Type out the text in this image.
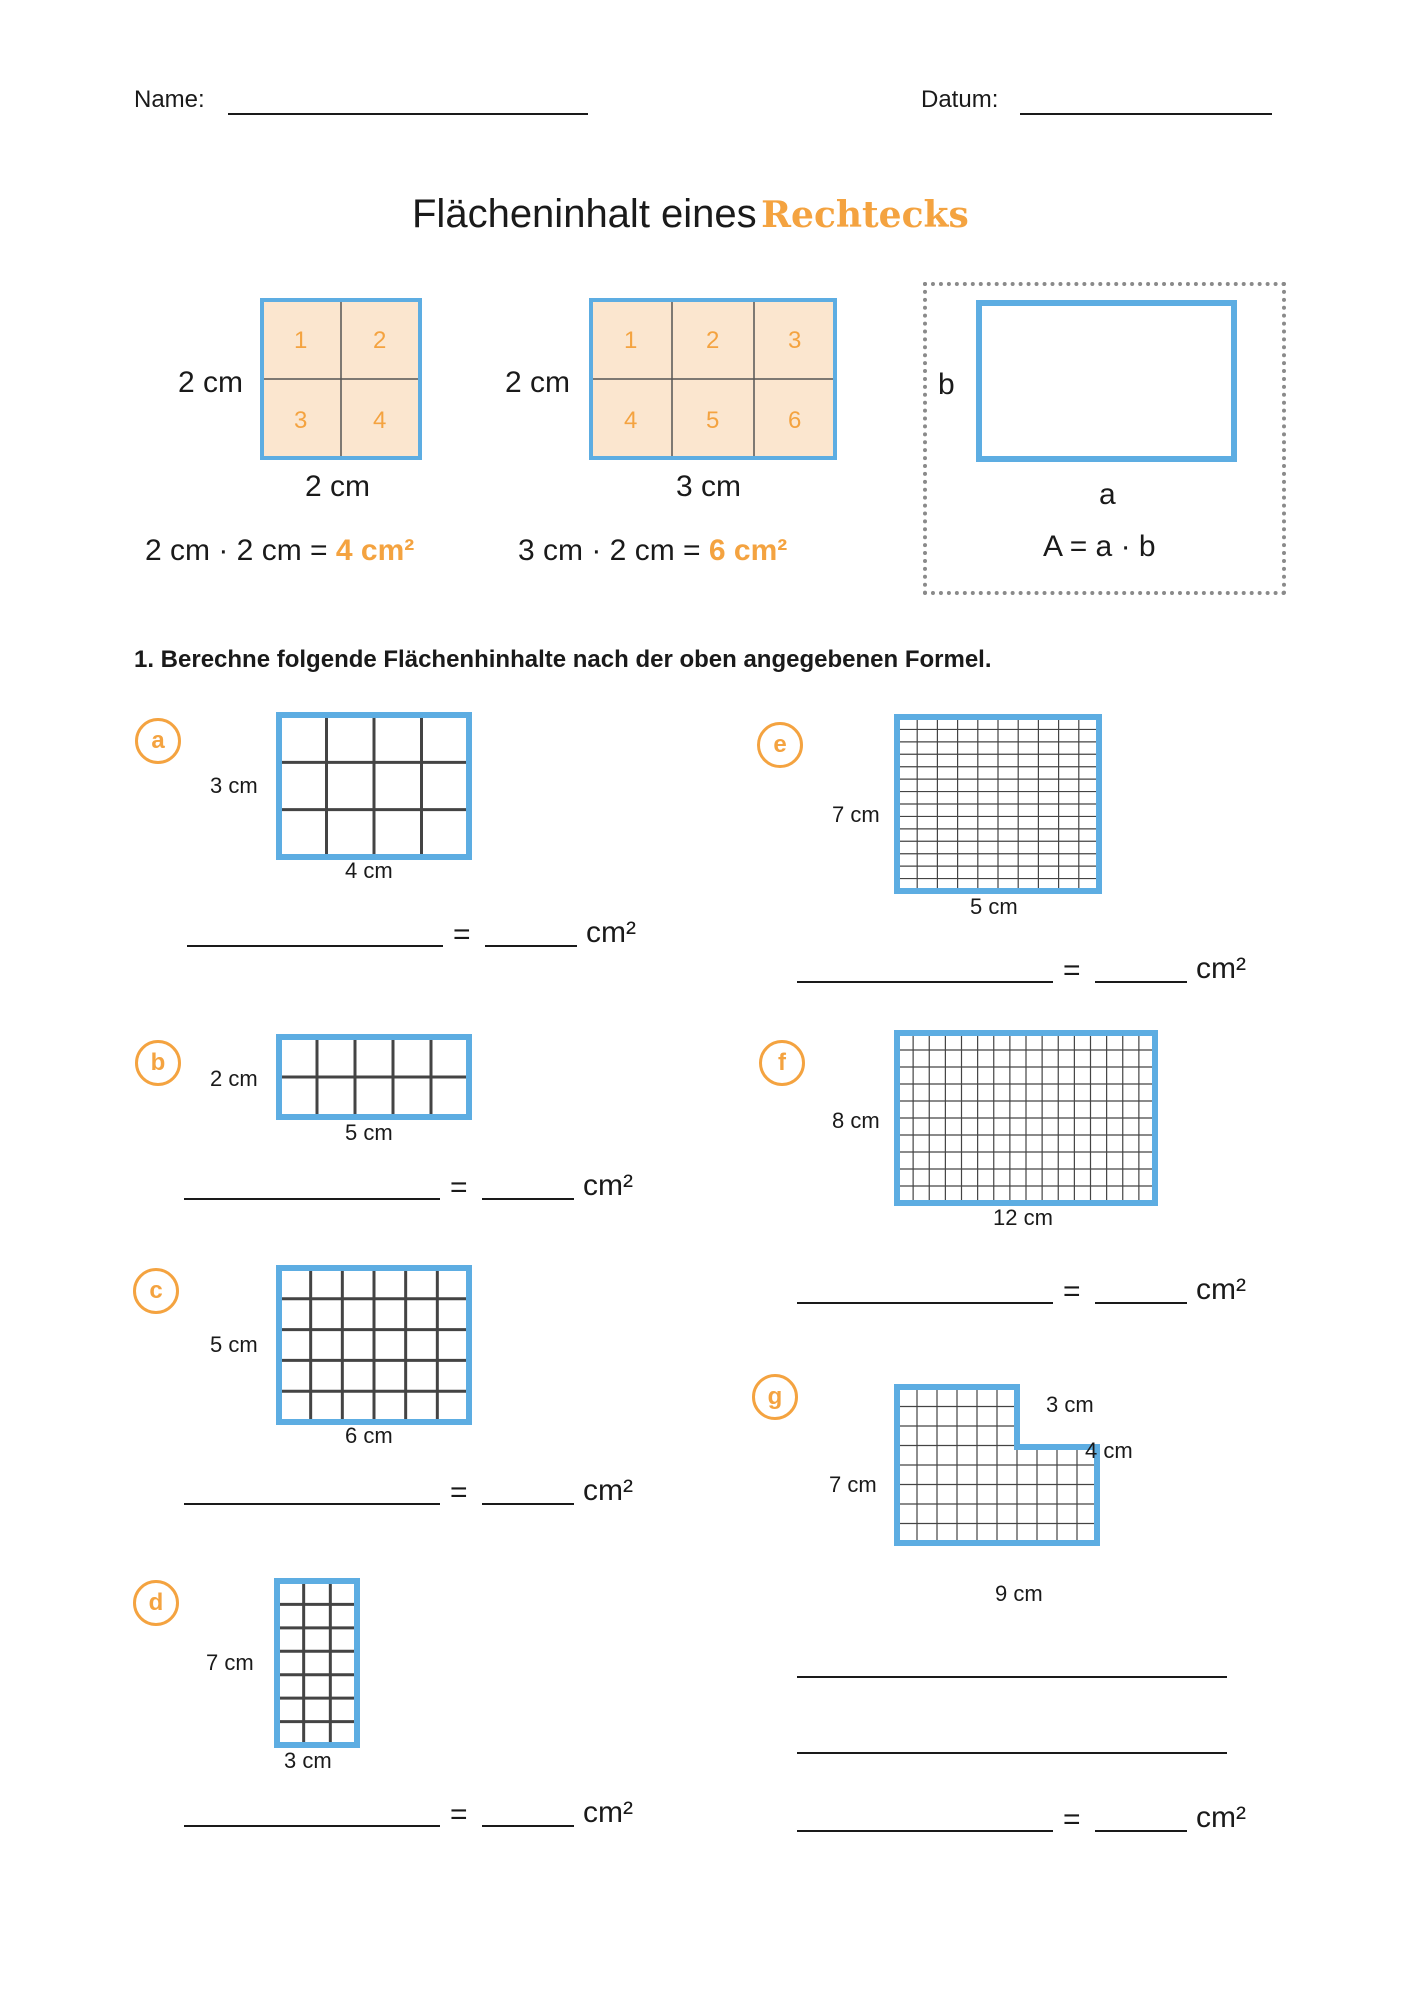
Name:	Datum:
Flächeninhalt eines Rechtecks
1	2
3	4
2 cm
2 cm
2 cm · 2 cm = 4 cm²
1	2	3
4	5	6
2 cm
3 cm
3 cm · 2 cm = 6 cm²
b
a
A = a · b
1. Berechne folgende Flächenhinhalte nach der oben angegebenen Formel.
a
3 cm
4 cm
=	cm²
b
2 cm
5 cm
=	cm²
c
5 cm
6 cm
=	cm²
d
7 cm
3 cm
=	cm²
e
7 cm
5 cm
=	cm²
f
8 cm
12 cm
=	cm²
g
7 cm
3 cm
4 cm
9 cm
=	cm²
